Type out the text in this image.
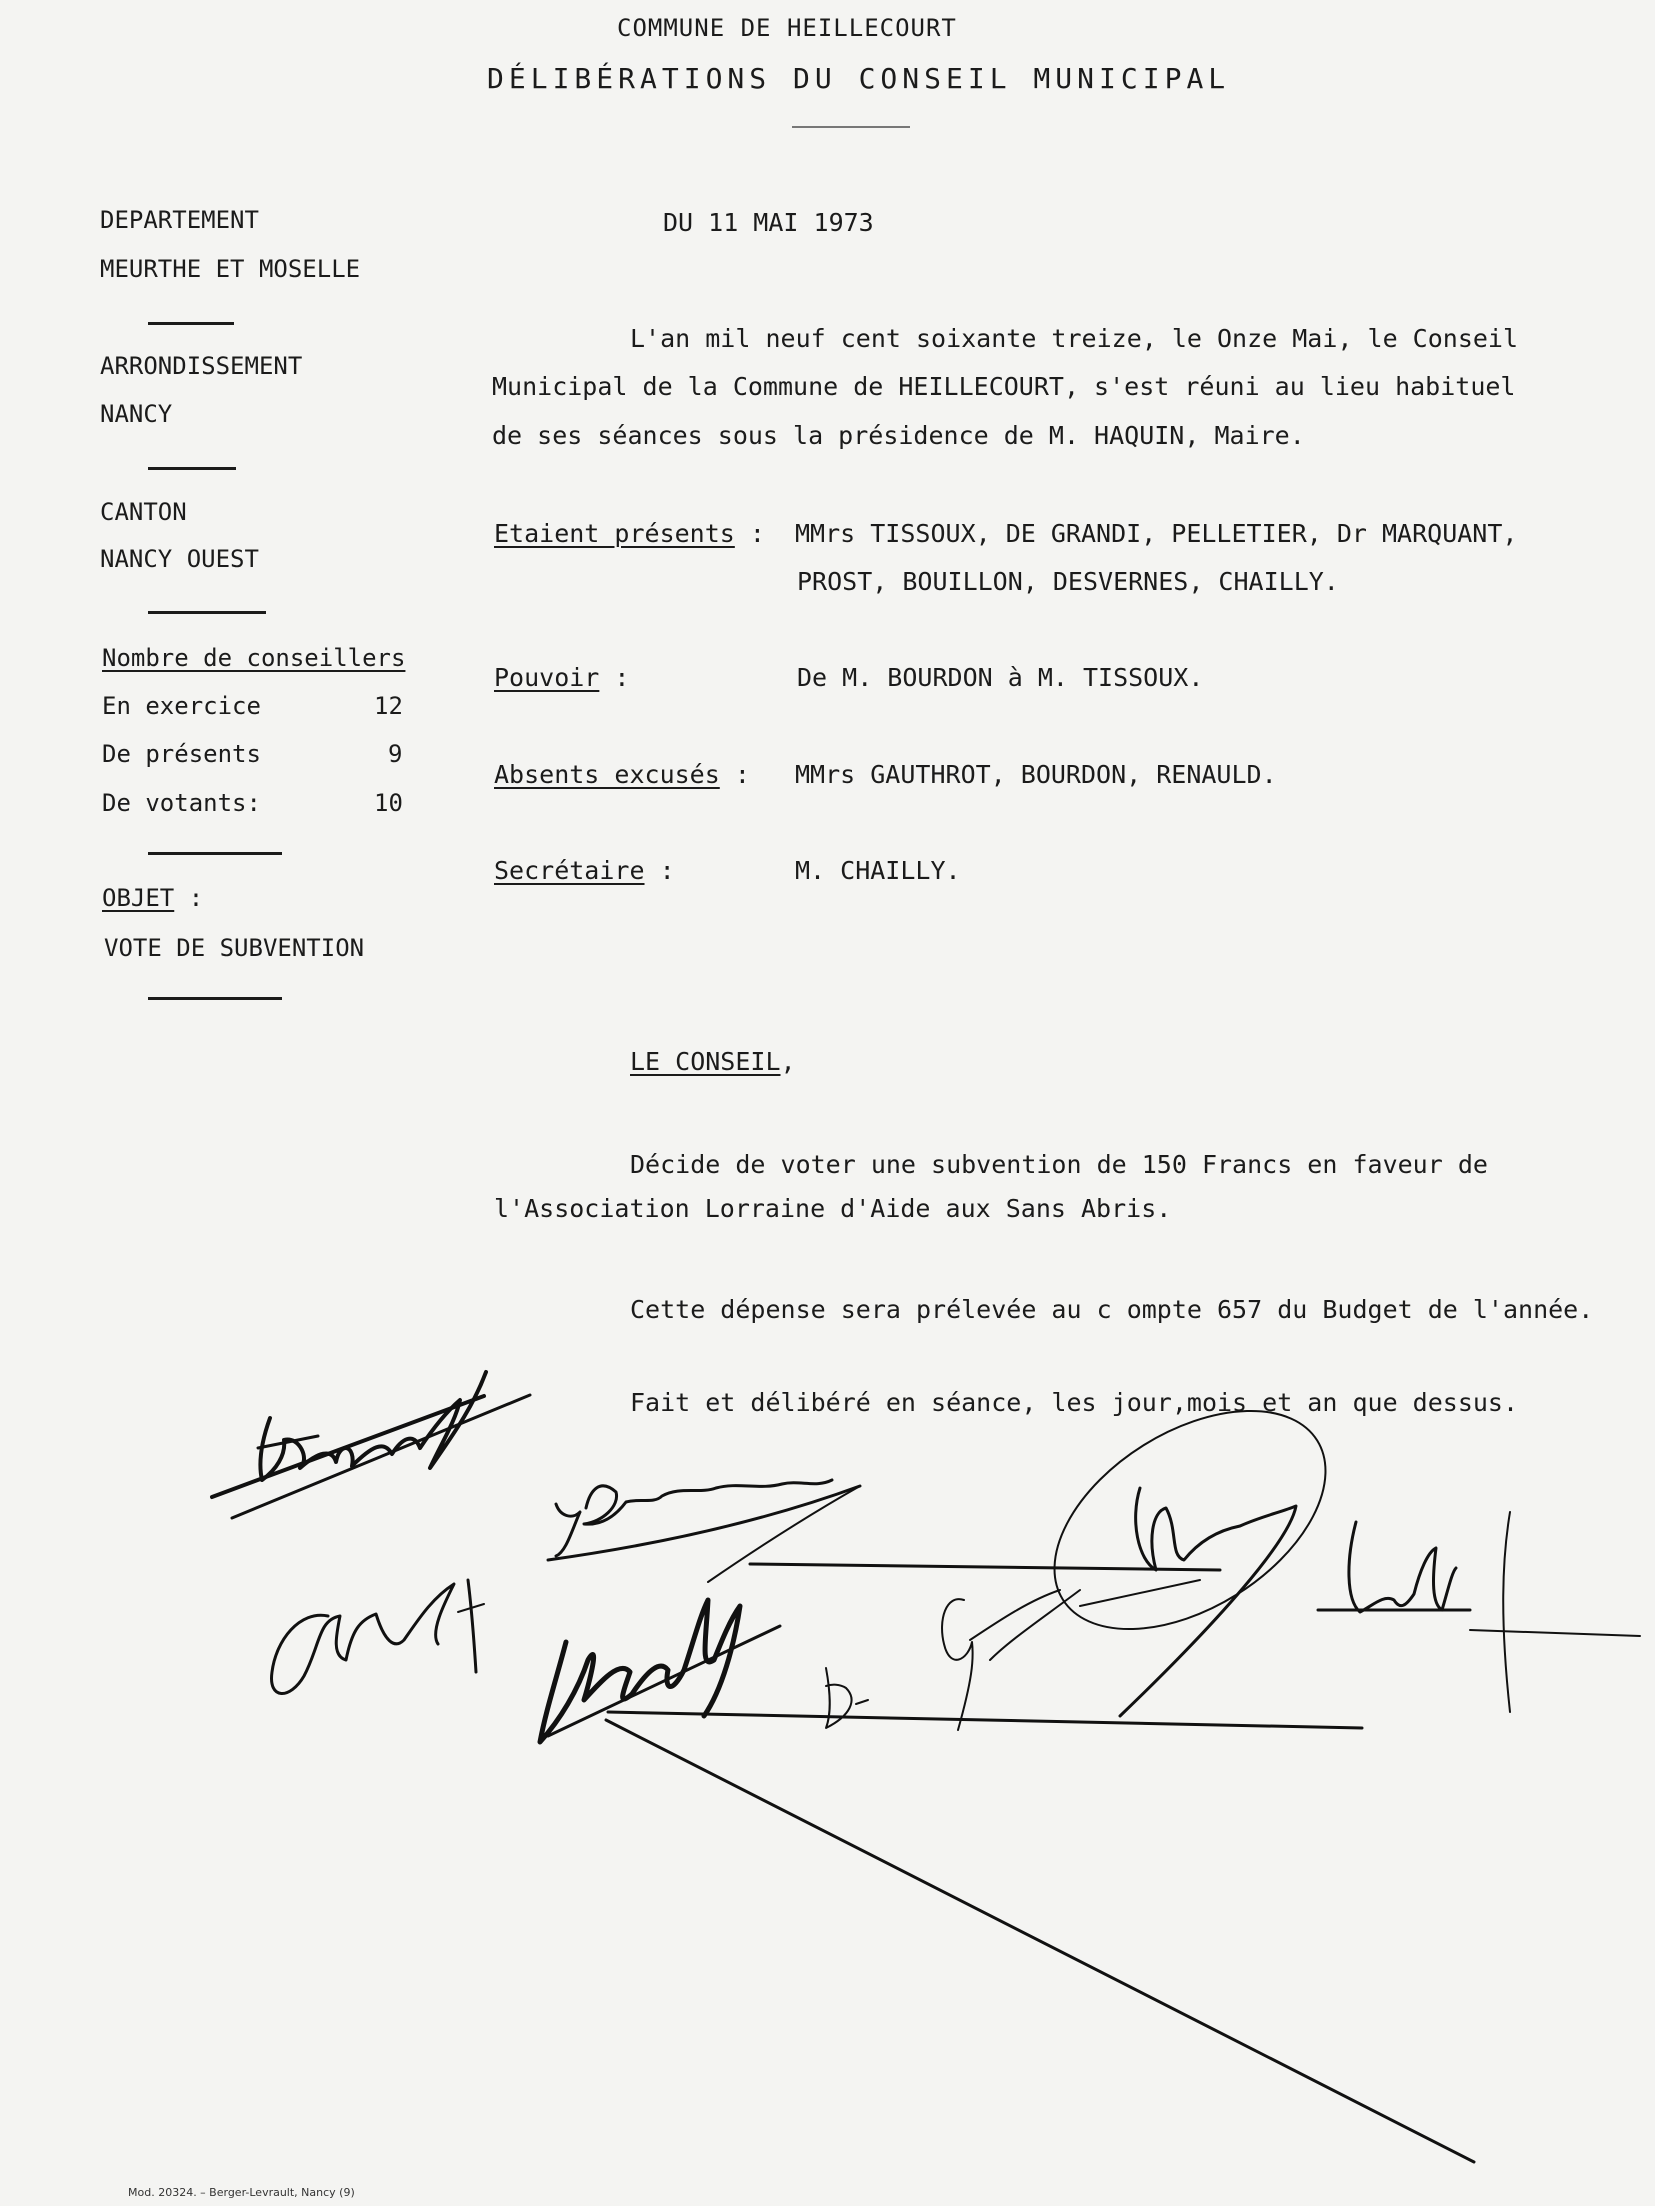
COMMUNE DE HEILLECOURT
DÉLIBÉRATIONS DU CONSEIL MUNICIPAL
DEPARTEMENT
MEURTHE ET MOSELLE
ARRONDISSEMENT
NANCY
CANTON
NANCY OUEST
Nombre de conseillers
En exercice	12
De présents	9
De votants:	10
OBJET :
VOTE DE SUBVENTION
DU 11 MAI 1973
L'an mil neuf cent soixante treize, le Onze Mai, le Conseil
Municipal de la Commune de HEILLECOURT, s'est réuni au lieu habituel
de ses séances sous la présidence de M. HAQUIN, Maire.
Etaient présents : MMrs TISSOUX, DE GRANDI, PELLETIER, Dr MARQUANT,
PROST, BOUILLON, DESVERNES, CHAILLY.
Pouvoir :	De M. BOURDON à M. TISSOUX.
Absents excusés : MMrs GAUTHROT, BOURDON, RENAULD.
Secrétaire :	M. CHAILLY.
LE CONSEIL,
Décide de voter une subvention de 150 Francs en faveur de
l'Association Lorraine d'Aide aux Sans Abris.
Cette dépense sera prélevée au c ompte 657 du Budget de l'année.
Fait et délibéré en séance, les jour,mois et an que dessus.
Mod. 20324. – Berger-Levrault, Nancy (9)
